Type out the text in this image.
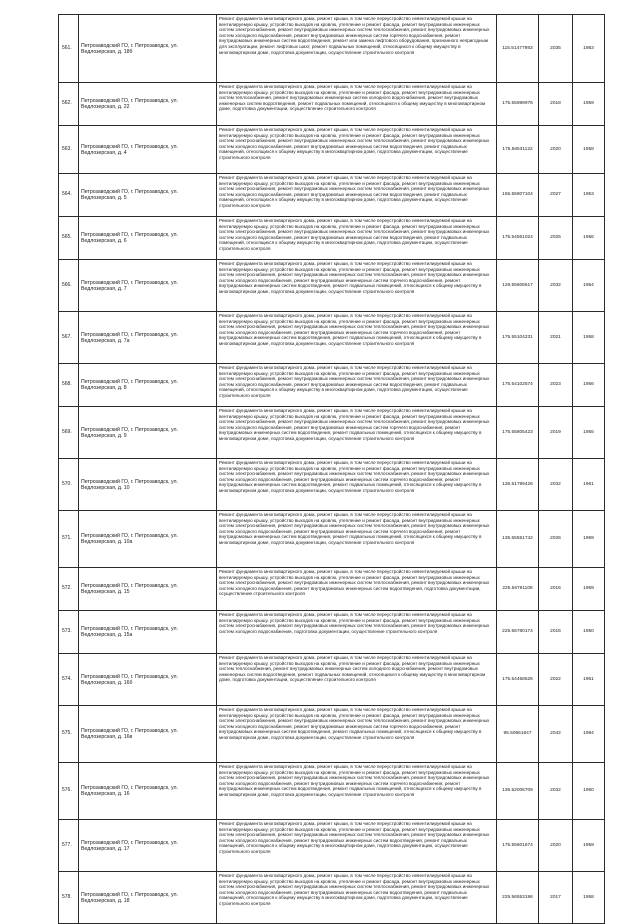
561.	Петрозаводский ГО, г. Петрозаводск, ул. Ведлозерская, д. 18б	Ремонт фундамента многоквартирного дома, ремонт крыши, в том числе переустройство невентилируемой крыши на вентилируемую крышу, устройство выходов на кровлю, утепление и ремонт фасада, ремонт внутридомовых инженерных систем электроснабжения, ремонт внутридомовых инженерных систем теплоснабжения, ремонт внутридомовых инженерных систем холодного водоснабжения, ремонт внутридомовых инженерных систем горячего водоснабжения, ремонт внутридомовых инженерных систем водоотведения, ремонт или замена лифтового оборудования, признанного непригодным для эксплуатации, ремонт лифтовых шахт, ремонт подвальных помещений, относящихся к общему имуществу в многоквартирном доме, подготовка документации, осуществление строительного контроля	115.51477983	2035	1983
562.	Петрозаводский ГО, г. Петрозаводск, ул. Ведлозерская, д. 22	Ремонт фундамента многоквартирного дома, ремонт крыши, в том числе переустройство невентилируемой крыши на вентилируемую крышу, устройство выходов на кровлю, утепление и ремонт фасада, ремонт внутридомовых инженерных систем теплоснабжения, ремонт внутридомовых инженерных систем холодного водоснабжения, ремонт внутридомовых инженерных систем водоотведения, ремонт подвальных помещений, относящихся к общему имуществу в многоквартирном доме, подготовка документации, осуществление строительного контроля	175.55989976	2018	1959
563.	Петрозаводский ГО, г. Петрозаводск, ул. Ведлозерская, д. 4	Ремонт фундамента многоквартирного дома, ремонт крыши, в том числе переустройство невентилируемой крыши на вентилируемую крышу, устройство выходов на кровлю, утепление и ремонт фасада, ремонт внутридомовых инженерных систем электроснабжения, ремонт внутридомовых инженерных систем теплоснабжения, ремонт внутридомовых инженерных систем холодного водоснабжения, ремонт внутридомовых инженерных систем водоотведения, ремонт подвальных помещений, относящихся к общему имуществу в многоквартирном доме, подготовка документации, осуществление строительного контроля	175.56531122	2020	1958
564.	Петрозаводский ГО, г. Петрозаводск, ул. Ведлозерская, д. 5	Ремонт фундамента многоквартирного дома, ремонт крыши, в том числе переустройство невентилируемой крыши на вентилируемую крышу, устройство выходов на кровлю, утепление и ремонт фасада, ремонт внутридомовых инженерных систем электроснабжения, ремонт внутридомовых инженерных систем теплоснабжения, ремонт внутридомовых инженерных систем холодного водоснабжения, ремонт внутридомовых инженерных систем водоотведения, ремонт подвальных помещений, относящихся к общему имуществу в многоквартирном доме, подготовка документации, осуществление строительного контроля	155.55807104	2027	1953
565.	Петрозаводский ГО, г. Петрозаводск, ул. Ведлозерская, д. 6	Ремонт фундамента многоквартирного дома, ремонт крыши, в том числе переустройство невентилируемой крыши на вентилируемую крышу, устройство выходов на кровлю, утепление и ремонт фасада, ремонт внутридомовых инженерных систем электроснабжения, ремонт внутридомовых инженерных систем теплоснабжения, ремонт внутридомовых инженерных систем холодного водоснабжения, ремонт внутридомовых инженерных систем водоотведения, ремонт подвальных помещений, относящихся к общему имуществу в многоквартирном доме, подготовка документации, осуществление строительного контроля	175.54561024	2025	1956
566.	Петрозаводский ГО, г. Петрозаводск, ул. Ведлозерская, д. 7	Ремонт фундамента многоквартирного дома, ремонт крыши, в том числе переустройство невентилируемой крыши на вентилируемую крышу, устройство выходов на кровлю, утепление и ремонт фасада, ремонт внутридомовых инженерных систем электроснабжения, ремонт внутридомовых инженерных систем теплоснабжения, ремонт внутридомовых инженерных систем холодного водоснабжения, ремонт внутридомовых инженерных систем горячего водоснабжения, ремонт внутридомовых инженерных систем водоотведения, ремонт подвальных помещений, относящихся к общему имуществу в многоквартирном доме, подготовка документации, осуществление строительного контроля	128.55606617	2032	1954
567.	Петрозаводский ГО, г. Петрозаводск, ул. Ведлозерская, д. 7а	Ремонт фундамента многоквартирного дома, ремонт крыши, в том числе переустройство невентилируемой крыши на вентилируемую крышу, устройство выходов на кровлю, утепление и ремонт фасада, ремонт внутридомовых инженерных систем электроснабжения, ремонт внутридомовых инженерных систем теплоснабжения, ремонт внутридомовых инженерных систем холодного водоснабжения, ремонт внутридомовых инженерных систем горячего водоснабжения, ремонт внутридомовых инженерных систем водоотведения, ремонт подвальных помещений, относящихся к общему имуществу в многоквартирном доме, подготовка документации, осуществление строительного контроля	175.55104231	2021	1958
568.	Петрозаводский ГО, г. Петрозаводск, ул. Ведлозерская, д. 8	Ремонт фундамента многоквартирного дома, ремонт крыши, в том числе переустройство невентилируемой крыши на вентилируемую крышу, устройство выходов на кровлю, утепление и ремонт фасада, ремонт внутридомовых инженерных систем электроснабжения, ремонт внутридомовых инженерных систем теплоснабжения, ремонт внутридомовых инженерных систем холодного водоснабжения, ремонт внутридомовых инженерных систем водоотведения, ремонт подвальных помещений, относящихся к общему имуществу в многоквартирном доме, подготовка документации, осуществление строительного контроля	175.54102574	2023	1956
569.	Петрозаводский ГО, г. Петрозаводск, ул. Ведлозерская, д. 9	Ремонт фундамента многоквартирного дома, ремонт крыши, в том числе переустройство невентилируемой крыши на вентилируемую крышу, устройство выходов на кровлю, утепление и ремонт фасада, ремонт внутридомовых инженерных систем электроснабжения, ремонт внутридомовых инженерных систем теплоснабжения, ремонт внутридомовых инженерных систем холодного водоснабжения, ремонт внутридомовых инженерных систем горячего водоснабжения, ремонт внутридомовых инженерных систем водоотведения, ремонт подвальных помещений, относящихся к общему имуществу в многоквартирном доме, подготовка документации, осуществление строительного контроля	175.55805423	2019	1955
570.	Петрозаводский ГО, г. Петрозаводск, ул. Ведлозерская, д. 10	Ремонт фундамента многоквартирного дома, ремонт крыши, в том числе переустройство невентилируемой крыши на вентилируемую крышу, устройство выходов на кровлю, утепление и ремонт фасада, ремонт внутридомовых инженерных систем электроснабжения, ремонт внутридомовых инженерных систем теплоснабжения, ремонт внутридомовых инженерных систем холодного водоснабжения, ремонт внутридомовых инженерных систем горячего водоснабжения, ремонт внутридомовых инженерных систем водоотведения, ремонт подвальных помещений, относящихся к общему имуществу в многоквартирном доме, подготовка документации, осуществление строительного контроля	135.51789426	2032	1961
571.	Петрозаводский ГО, г. Петрозаводск, ул. Ведлозерская, д. 10а	Ремонт фундамента многоквартирного дома, ремонт крыши, в том числе переустройство невентилируемой крыши на вентилируемую крышу, устройство выходов на кровлю, утепление и ремонт фасада, ремонт внутридомовых инженерных систем электроснабжения, ремонт внутридомовых инженерных систем теплоснабжения, ремонт внутридомовых инженерных систем холодного водоснабжения, ремонт внутридомовых инженерных систем горячего водоснабжения, ремонт внутридомовых инженерных систем водоотведения, ремонт подвальных помещений, относящихся к общему имуществу в многоквартирном доме, подготовка документации, осуществление строительного контроля	135.55551742	2026	1969
572.	Петрозаводский ГО, г. Петрозаводск, ул. Ведлозерская, д. 15	Ремонт фундамента многоквартирного дома, ремонт крыши, в том числе переустройство невентилируемой крыши на вентилируемую крышу, устройство выходов на кровлю, утепление и ремонт фасада, ремонт внутридомовых инженерных систем электроснабжения, ремонт внутридомовых инженерных систем теплоснабжения, ремонт внутридомовых инженерных систем холодного водоснабжения, ремонт внутридомовых инженерных систем водоотведения, подготовка документации, осуществление строительного контроля	225.56781108	2016	1959
573.	Петрозаводский ГО, г. Петрозаводск, ул. Ведлозерская, д. 15а	Ремонт фундамента многоквартирного дома, ремонт крыши, в том числе переустройство невентилируемой крыши на вентилируемую крышу, устройство выходов на кровлю, утепление и ремонт фасада, ремонт внутридомовых инженерных систем электроснабжения, ремонт внутридомовых инженерных систем теплоснабжения, ремонт внутридомовых инженерных систем холодного водоснабжения, подготовка документации, осуществление строительного контроля	225.56780174	2016	1950
574.	Петрозаводский ГО, г. Петрозаводск, ул. Ведлозерская, д. 16б	Ремонт фундамента многоквартирного дома, ремонт крыши, в том числе переустройство невентилируемой крыши на вентилируемую крышу, устройство выходов на кровлю, утепление и ремонт фасада, ремонт внутридомовых инженерных систем теплоснабжения, ремонт внутридомовых инженерных систем холодного водоснабжения, ремонт внутридомовых инженерных систем водоотведения, ремонт подвальных помещений, относящихся к общему имуществу в многоквартирном доме, подготовка документации, осуществление строительного контроля	175.54458526	2022	1961
575.	Петрозаводский ГО, г. Петрозаводск, ул. Ведлозерская, д. 16в	Ремонт фундамента многоквартирного дома, ремонт крыши, в том числе переустройство невентилируемой крыши на вентилируемую крышу, устройство выходов на кровлю, утепление и ремонт фасада, ремонт внутридомовых инженерных систем электроснабжения, ремонт внутридомовых инженерных систем теплоснабжения, ремонт внутридомовых инженерных систем холодного водоснабжения, ремонт внутридомовых инженерных систем горячего водоснабжения, ремонт внутридомовых инженерных систем водоотведения, ремонт подвальных помещений, относящихся к общему имуществу в многоквартирном доме, подготовка документации, осуществление строительного контроля	95.50661847	2042	1984
576.	Петрозаводский ГО, г. Петрозаводск, ул. Ведлозерская, д. 16	Ремонт фундамента многоквартирного дома, ремонт крыши, в том числе переустройство невентилируемой крыши на вентилируемую крышу, устройство выходов на кровлю, утепление и ремонт фасада, ремонт внутридомовых инженерных систем электроснабжения, ремонт внутридомовых инженерных систем теплоснабжения, ремонт внутридомовых инженерных систем холодного водоснабжения, ремонт внутридомовых инженерных систем горячего водоснабжения, ремонт внутридомовых инженерных систем водоотведения, ремонт подвальных помещений, относящихся к общему имуществу в многоквартирном доме, подготовка документации, осуществление строительного контроля	135.52006709	2032	1960
577.	Петрозаводский ГО, г. Петрозаводск, ул. Ведлозерская, д. 17	Ремонт фундамента многоквартирного дома, ремонт крыши, в том числе переустройство невентилируемой крыши на вентилируемую крышу, устройство выходов на кровлю, утепление и ремонт фасада, ремонт внутридомовых инженерных систем электроснабжения, ремонт внутридомовых инженерных систем теплоснабжения, ремонт внутридомовых инженерных систем холодного водоснабжения, ремонт внутридомовых инженерных систем водоотведения, ремонт подвальных помещений, относящихся к общему имуществу в многоквартирном доме, подготовка документации, осуществление строительного контроля	175.55601674	2020	1959
578.	Петрозаводский ГО, г. Петрозаводск, ул. Ведлозерская, д. 18	Ремонт фундамента многоквартирного дома, ремонт крыши, в том числе переустройство невентилируемой крыши на вентилируемую крышу, устройство выходов на кровлю, утепление и ремонт фасада, ремонт внутридомовых инженерных систем электроснабжения, ремонт внутридомовых инженерных систем теплоснабжения, ремонт внутридомовых инженерных систем холодного водоснабжения, ремонт внутридомовых инженерных систем водоотведения, ремонт подвальных помещений, относящихся к общему имуществу в многоквартирном доме, подготовка документации, осуществление строительного контроля	225.56553196	2017	1958
